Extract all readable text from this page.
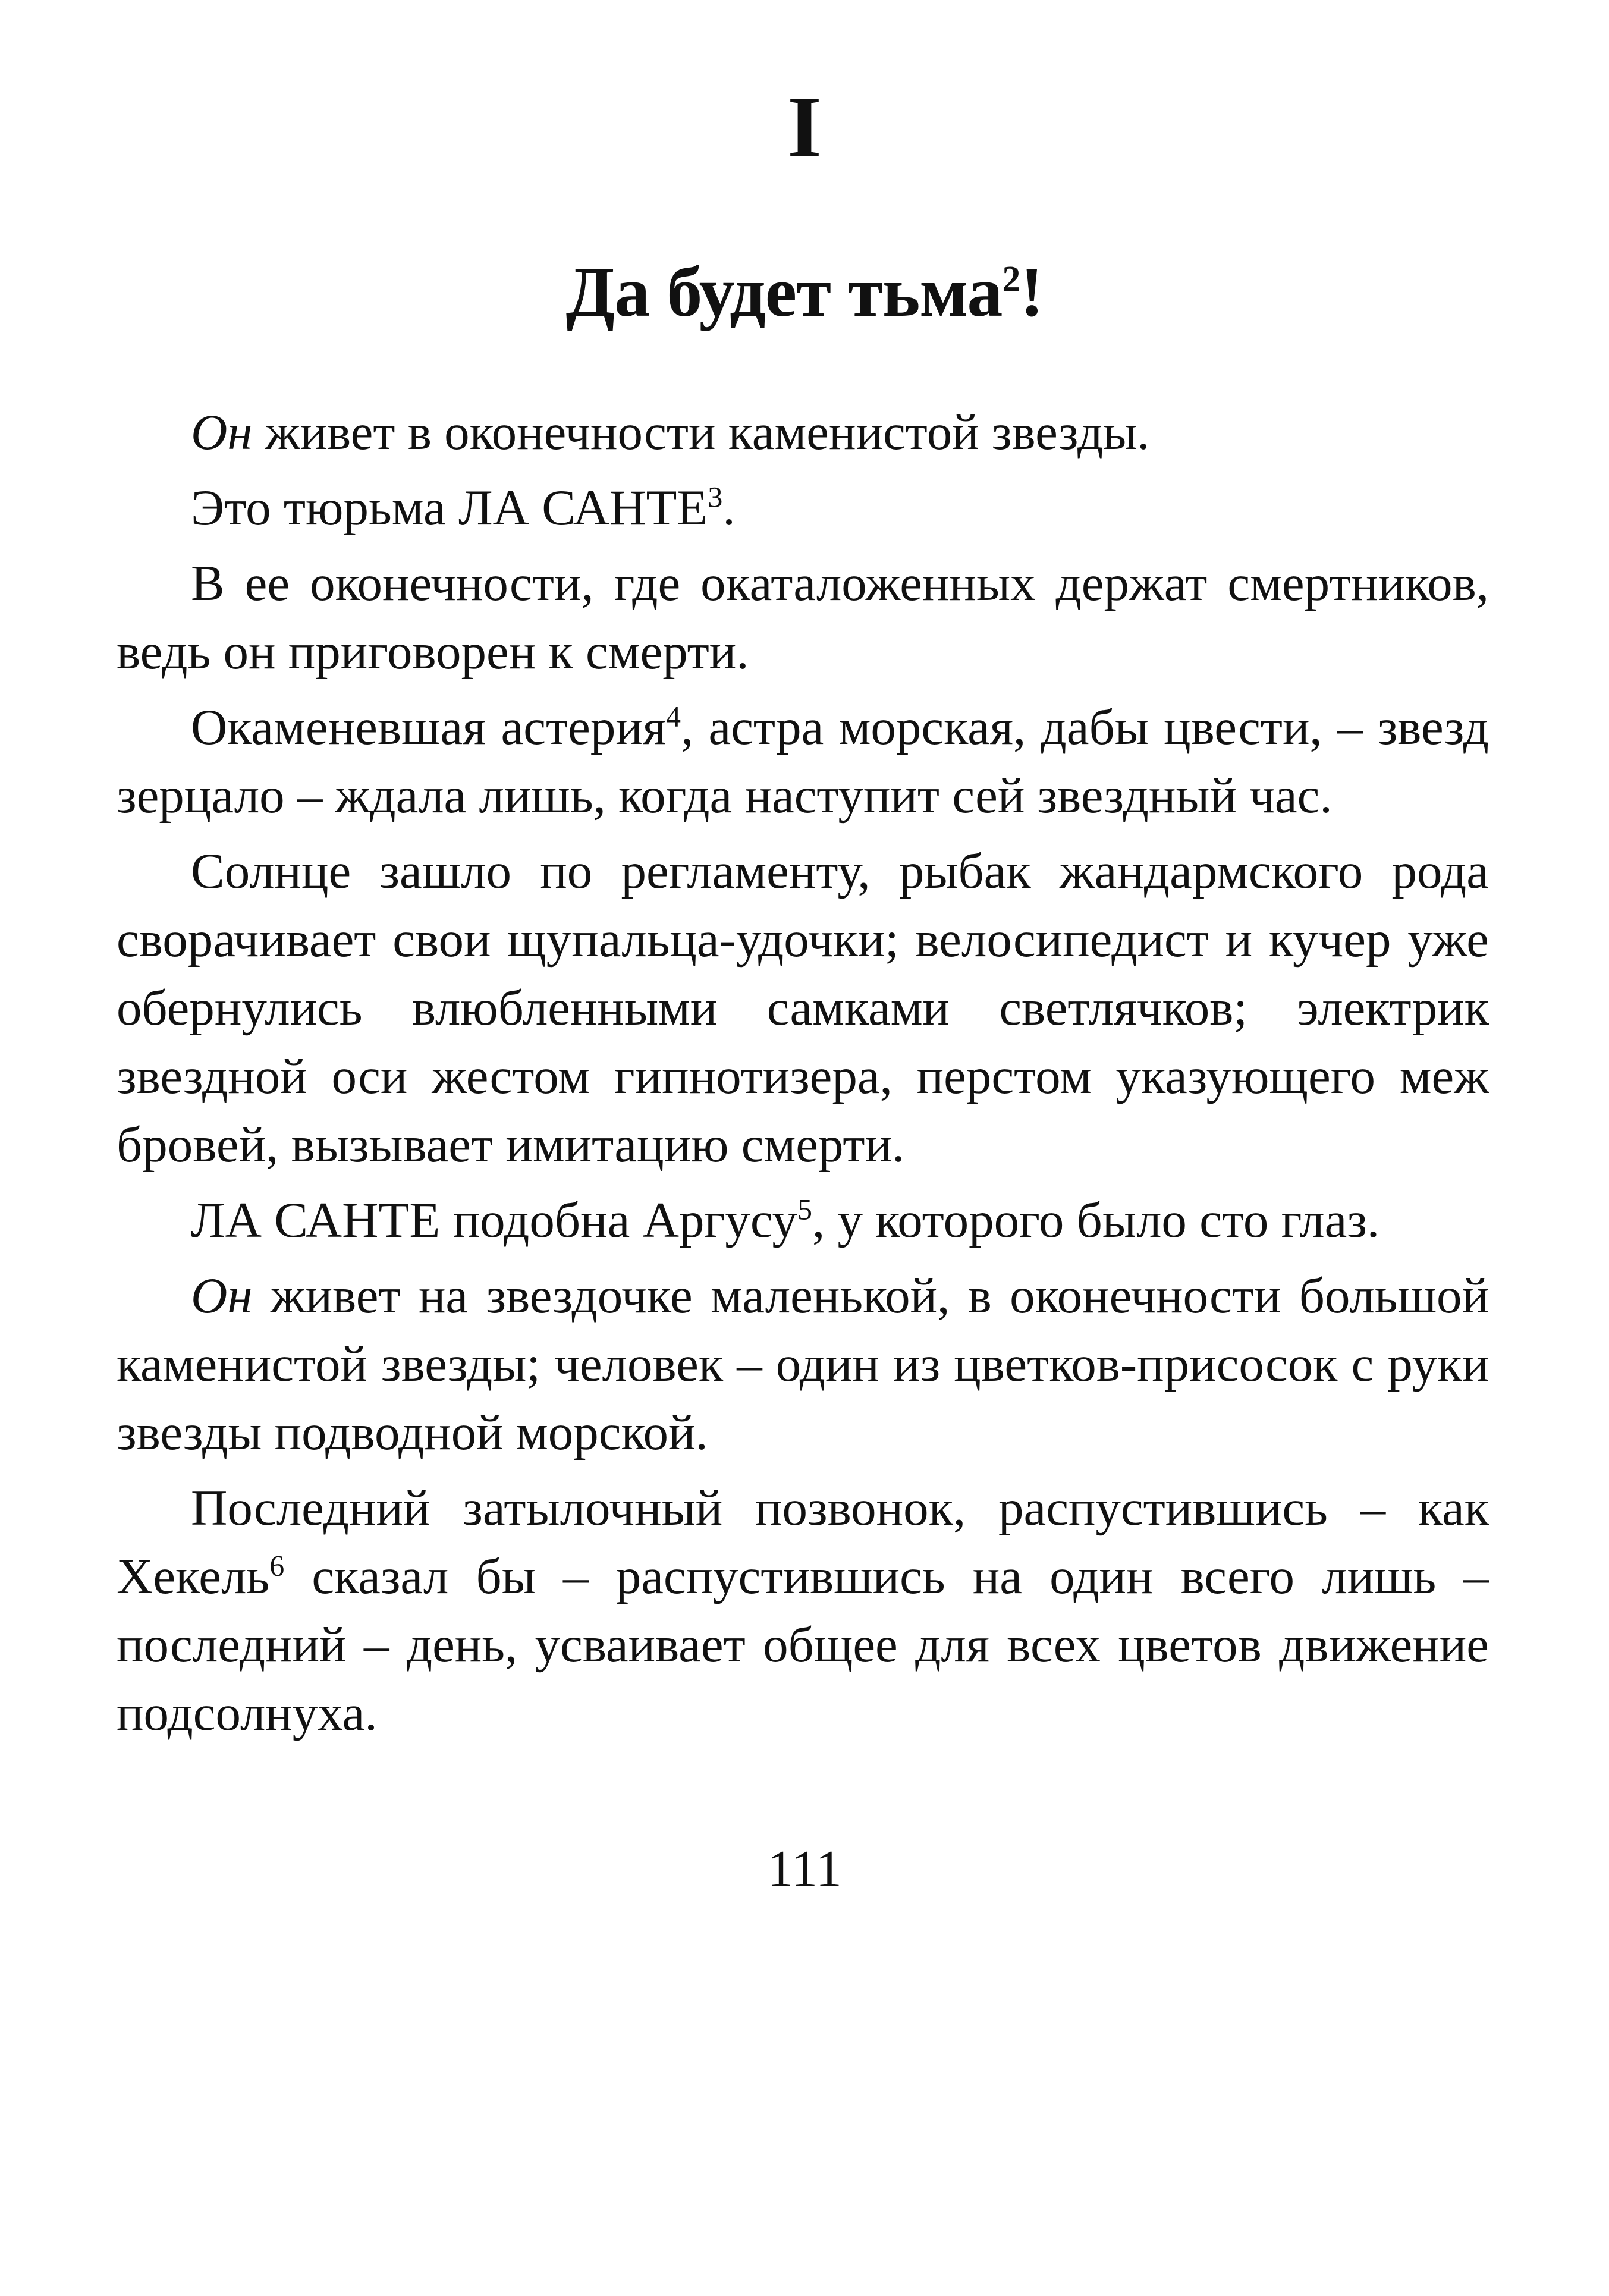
I
Да будет тьма$^2$!

Он живет в оконечности каменистой звезды.

Это тюрьма ЛА САНТЕ$^3$.

В ее оконечности, где окаталоженных держат смертников, ведь он приговорен к смерти.

Окаменевшая астерия$^4$, астра морская, дабы цвести, – звезд зерцало – ждала лишь, когда наступит сей звездный час.

Солнце зашло по регламенту, рыбак жандармского рода сворачивает свои щупальца-удочки; велосипедист и кучер уже обернулись влюбленными самками светлячков; электрик звездной оси жестом гипнотизера, перстом указующего меж бровей, вызывает имитацию смерти.

ЛА САНТЕ подобна Аргусу$^5$, у которого было сто глаз.

Он живет на звездочке маленькой, в оконечности большой каменистой звезды; человек – один из цветков-присосок с руки звезды подводной морской.

Последний затылочный позвонок, распустившись – как Хекель$^6$ сказал бы – распустившись на один всего лишь – последний – день, усваивает общее для всех цветов движение подсолнуха.

111
